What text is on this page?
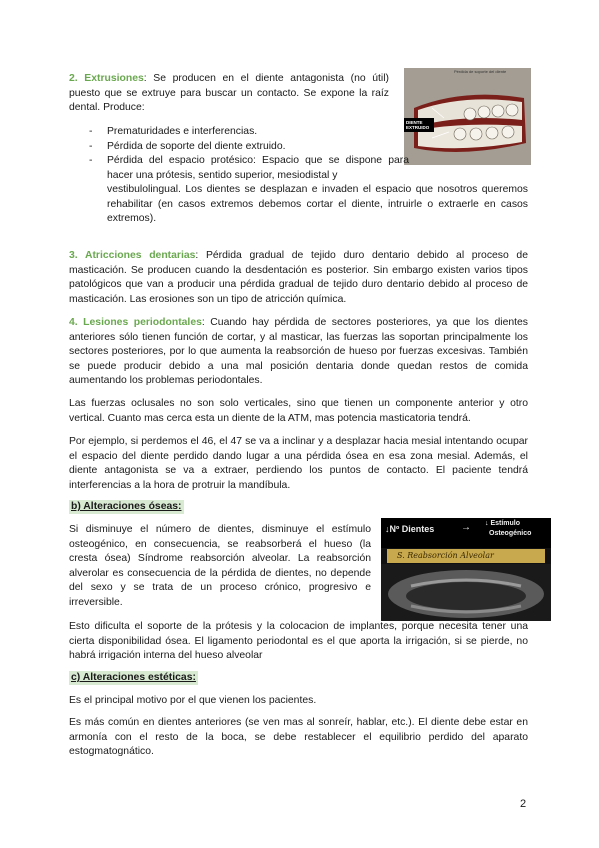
2. Extrusiones: Se producen en el diente antagonista (no útil) puesto que se extruye para buscar un contacto. Se expone la raíz dental. Produce:

DIENTE EXTRUIDO
Pérdida de soporte del diente
- Prematuridades e interferencias.
- Pérdida de soporte del diente extruido.

- Pérdida del espacio protésico: Espacio que se dispone para hacer una prótesis, sentido superior, mesiodistal y

vestibulolingual. Los dientes se desplazan e invaden el espacio que nosotros queremos rehabilitar (en casos extremos debemos cortar el diente, intruirle o extraerle en casos extremos).

3. Atricciones dentarias: Pérdida gradual de tejido duro dentario debido al proceso de masticación. Se producen cuando la desdentación es posterior. Sin embargo existen varios tipos patológicos que van a producir una pérdida gradual de tejido duro dentario debido al proceso de masticación. Las erosiones son un tipo de atricción química.

4. Lesiones periodontales: Cuando hay pérdida de sectores posteriores, ya que los dientes anteriores sólo tienen función de cortar, y al masticar, las fuerzas las soportan principalmente los sectores posteriores, por lo que aumenta la reabsorción de hueso por fuerzas excesivas. También se puede producir debido a una mal posición dentaria donde quedan restos de comida aumentando los problemas periodontales.

Las fuerzas oclusales no son solo verticales, sino que tienen un componente anterior y otro vertical. Cuanto mas cerca esta un diente de la ATM, mas potencia masticatoria tendrá.

Por ejemplo, si perdemos el 46, el 47 se va a inclinar y a desplazar hacia mesial intentando ocupar el espacio del diente perdido dando lugar a una pérdida ósea en esa zona mesial. Además, el diente antagonista se va a extraer, perdiendo los puntos de contacto. El paciente tendrá interferencias a la hora de protruir la mandíbula.

b) Alteraciones óseas:

Si disminuye el número de dientes, disminuye el estímulo osteogénico, en consecuencia, se reabsorberá el hueso (la cresta ósea) Síndrome reabsorción alveolar. La reabsorción alverolar es consecuencia de la pérdida de dientes, no depende del sexo y se trata de un proceso crónico, progresivo e irreversible.

↓Nº Dientes	→ ↓ Estímulo
Osteogénico
S. Reabsorción Alveolar

Esto dificulta el soporte de la prótesis y la colocacion de implantes, porque necesita tener una cierta disponibilidad ósea. El ligamento periodontal es el que aporta la irrigación, si se pierde, no habrá irrigación interna del hueso alveolar

c) Alteraciones estéticas:

Es el principal motivo por el que vienen los pacientes.

Es más común en dientes anteriores (se ven mas al sonreír, hablar, etc.). El diente debe estar en armonía con el resto de la boca, se debe restablecer el equilibrio perdido del aparato estogmatognático.

2
